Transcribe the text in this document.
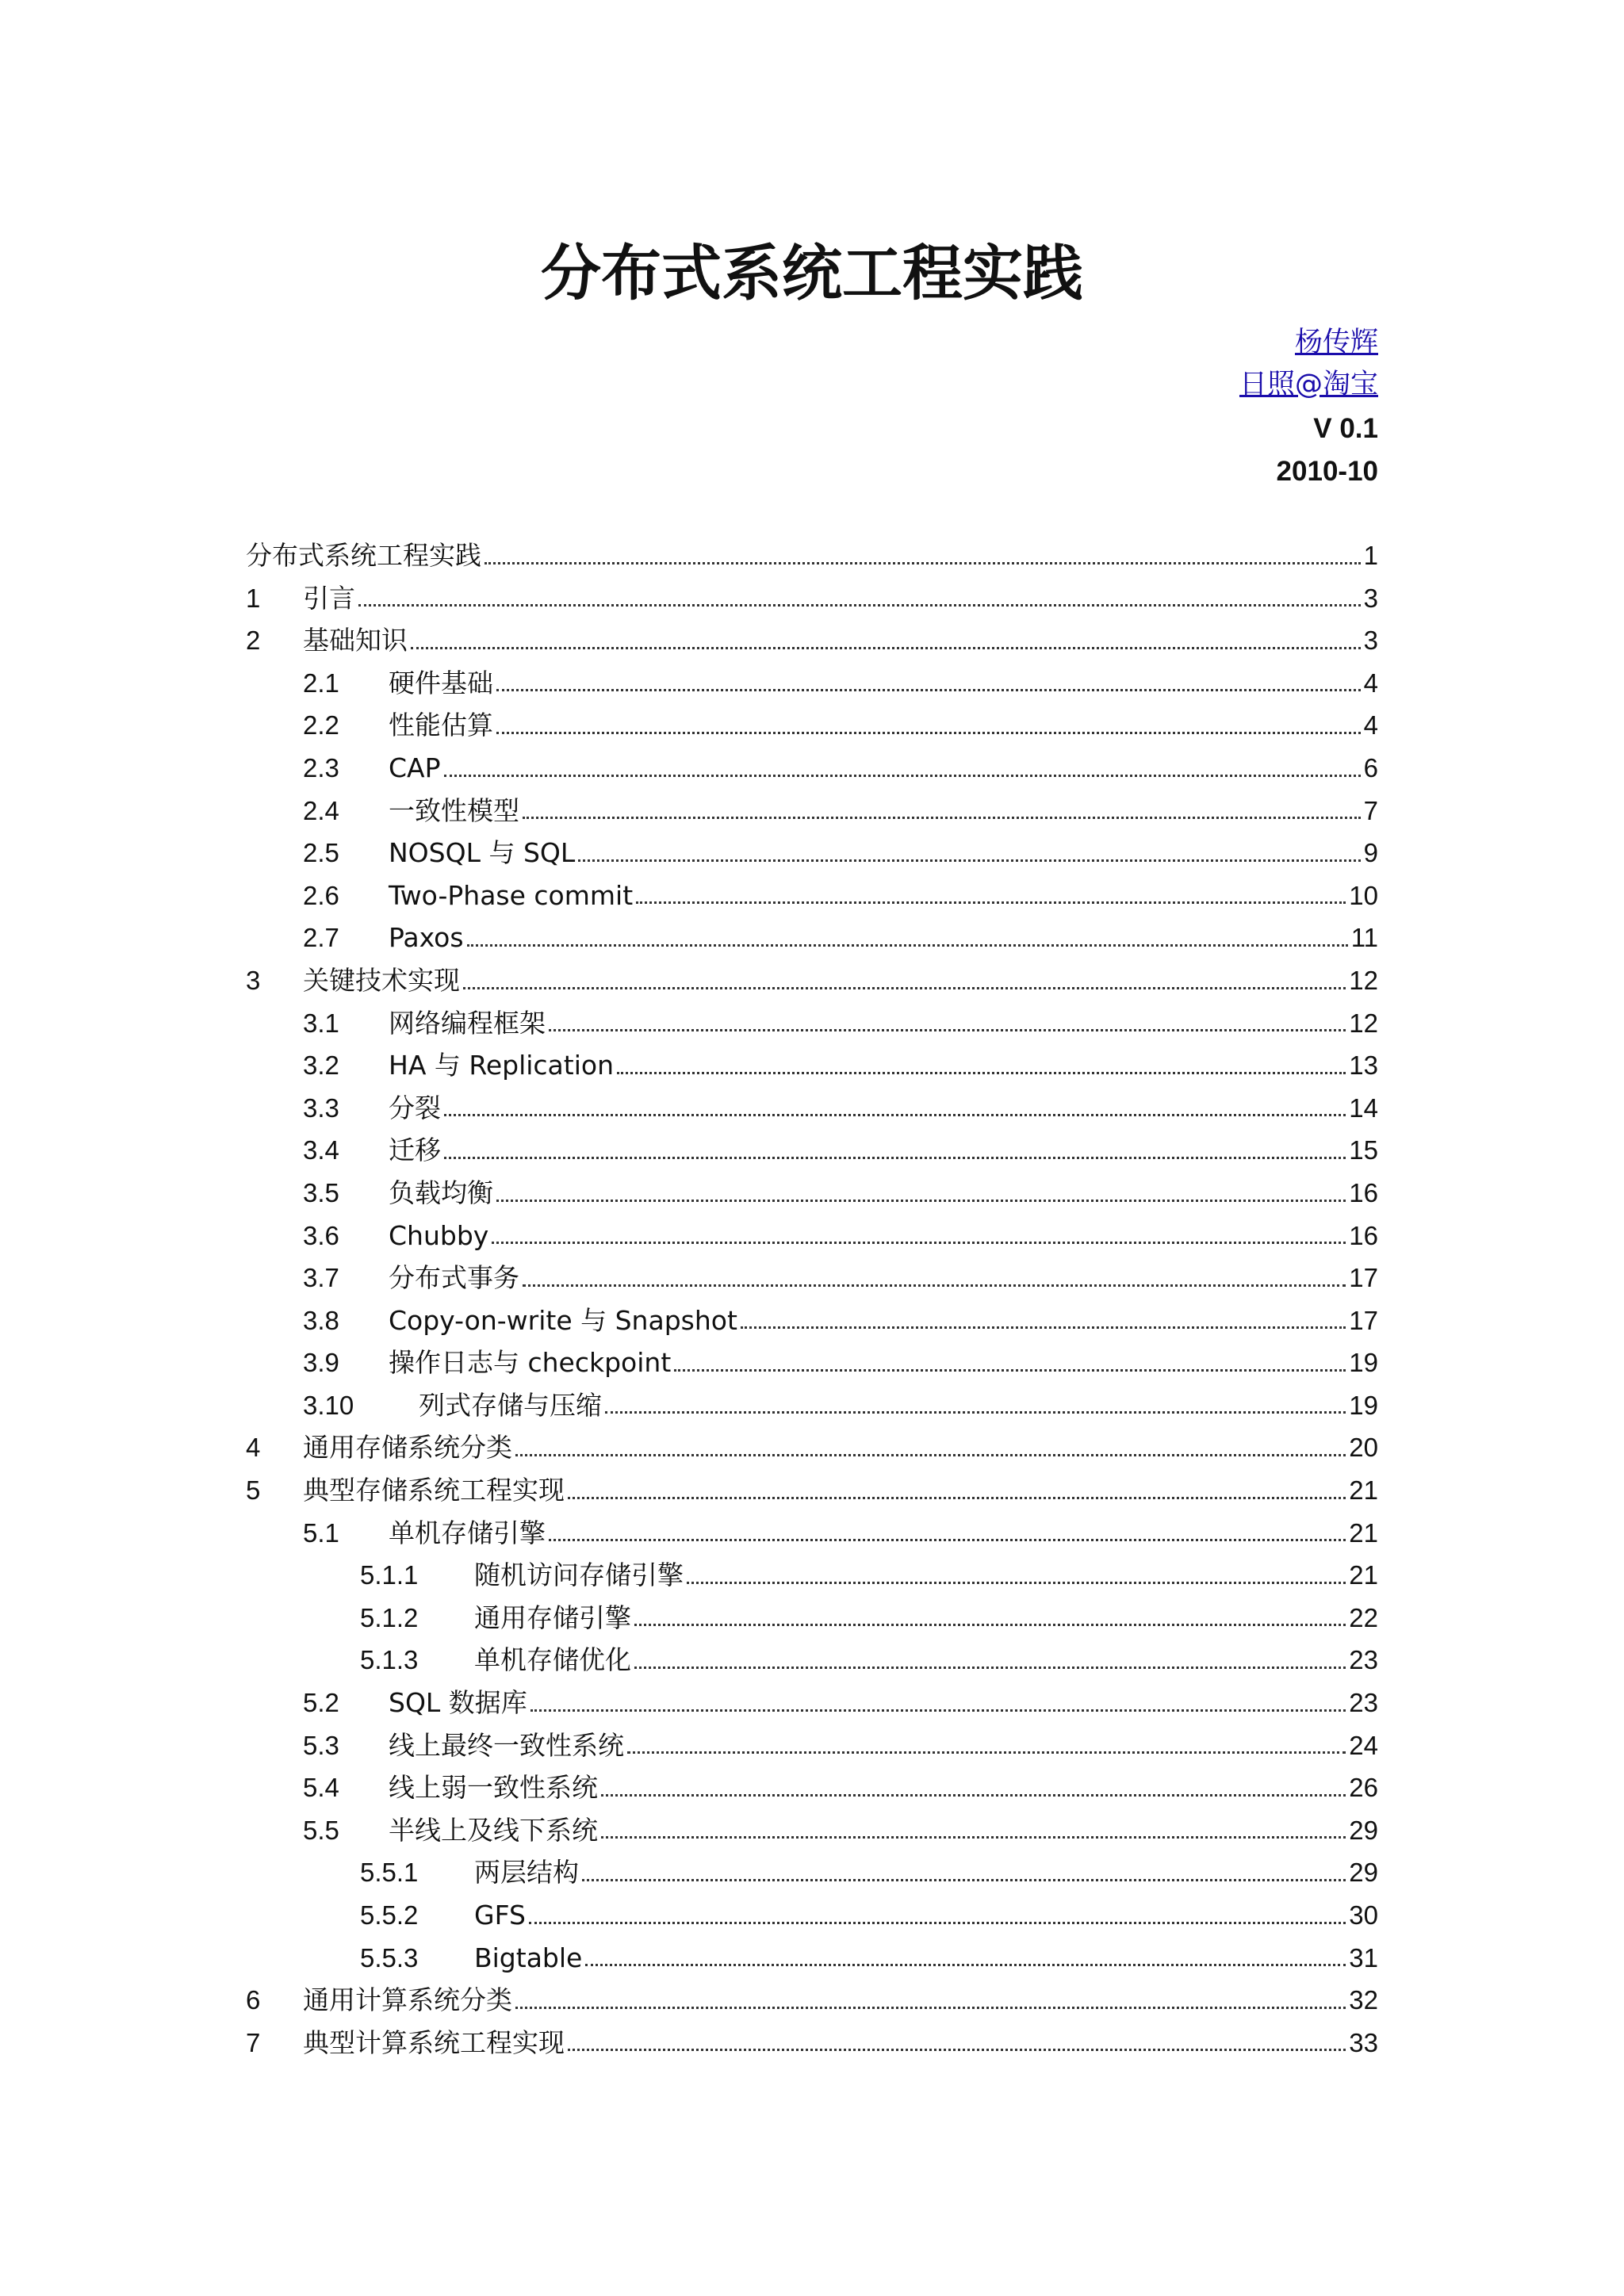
分布式系统工程实践
杨传辉
日照@淘宝
V 0.1
2010-10
分布式系统工程实践	1
1	引言	3
2	基础知识	3
2.1	硬件基础	4
2.2	性能估算	4
2.3	CAP	6
2.4	一致性模型	7
2.5	NOSQL 与 SQL	9
2.6	Two-Phase commit	10
2.7	Paxos	11
3	关键技术实现	12
3.1	网络编程框架	12
3.2	HA 与 Replication	13
3.3	分裂	14
3.4	迁移	15
3.5	负载均衡	16
3.6	Chubby	16
3.7	分布式事务	17
3.8	Copy-on-write 与 Snapshot	17
3.9	操作日志与 checkpoint	19
3.10	列式存储与压缩	19
4	通用存储系统分类	20
5	典型存储系统工程实现	21
5.1	单机存储引擎	21
5.1.1	随机访问存储引擎	21
5.1.2	通用存储引擎	22
5.1.3	单机存储优化	23
5.2	SQL 数据库	23
5.3	线上最终一致性系统	24
5.4	线上弱一致性系统	26
5.5	半线上及线下系统	29
5.5.1	两层结构	29
5.5.2	GFS	30
5.5.3	Bigtable	31
6	通用计算系统分类	32
7	典型计算系统工程实现	33
